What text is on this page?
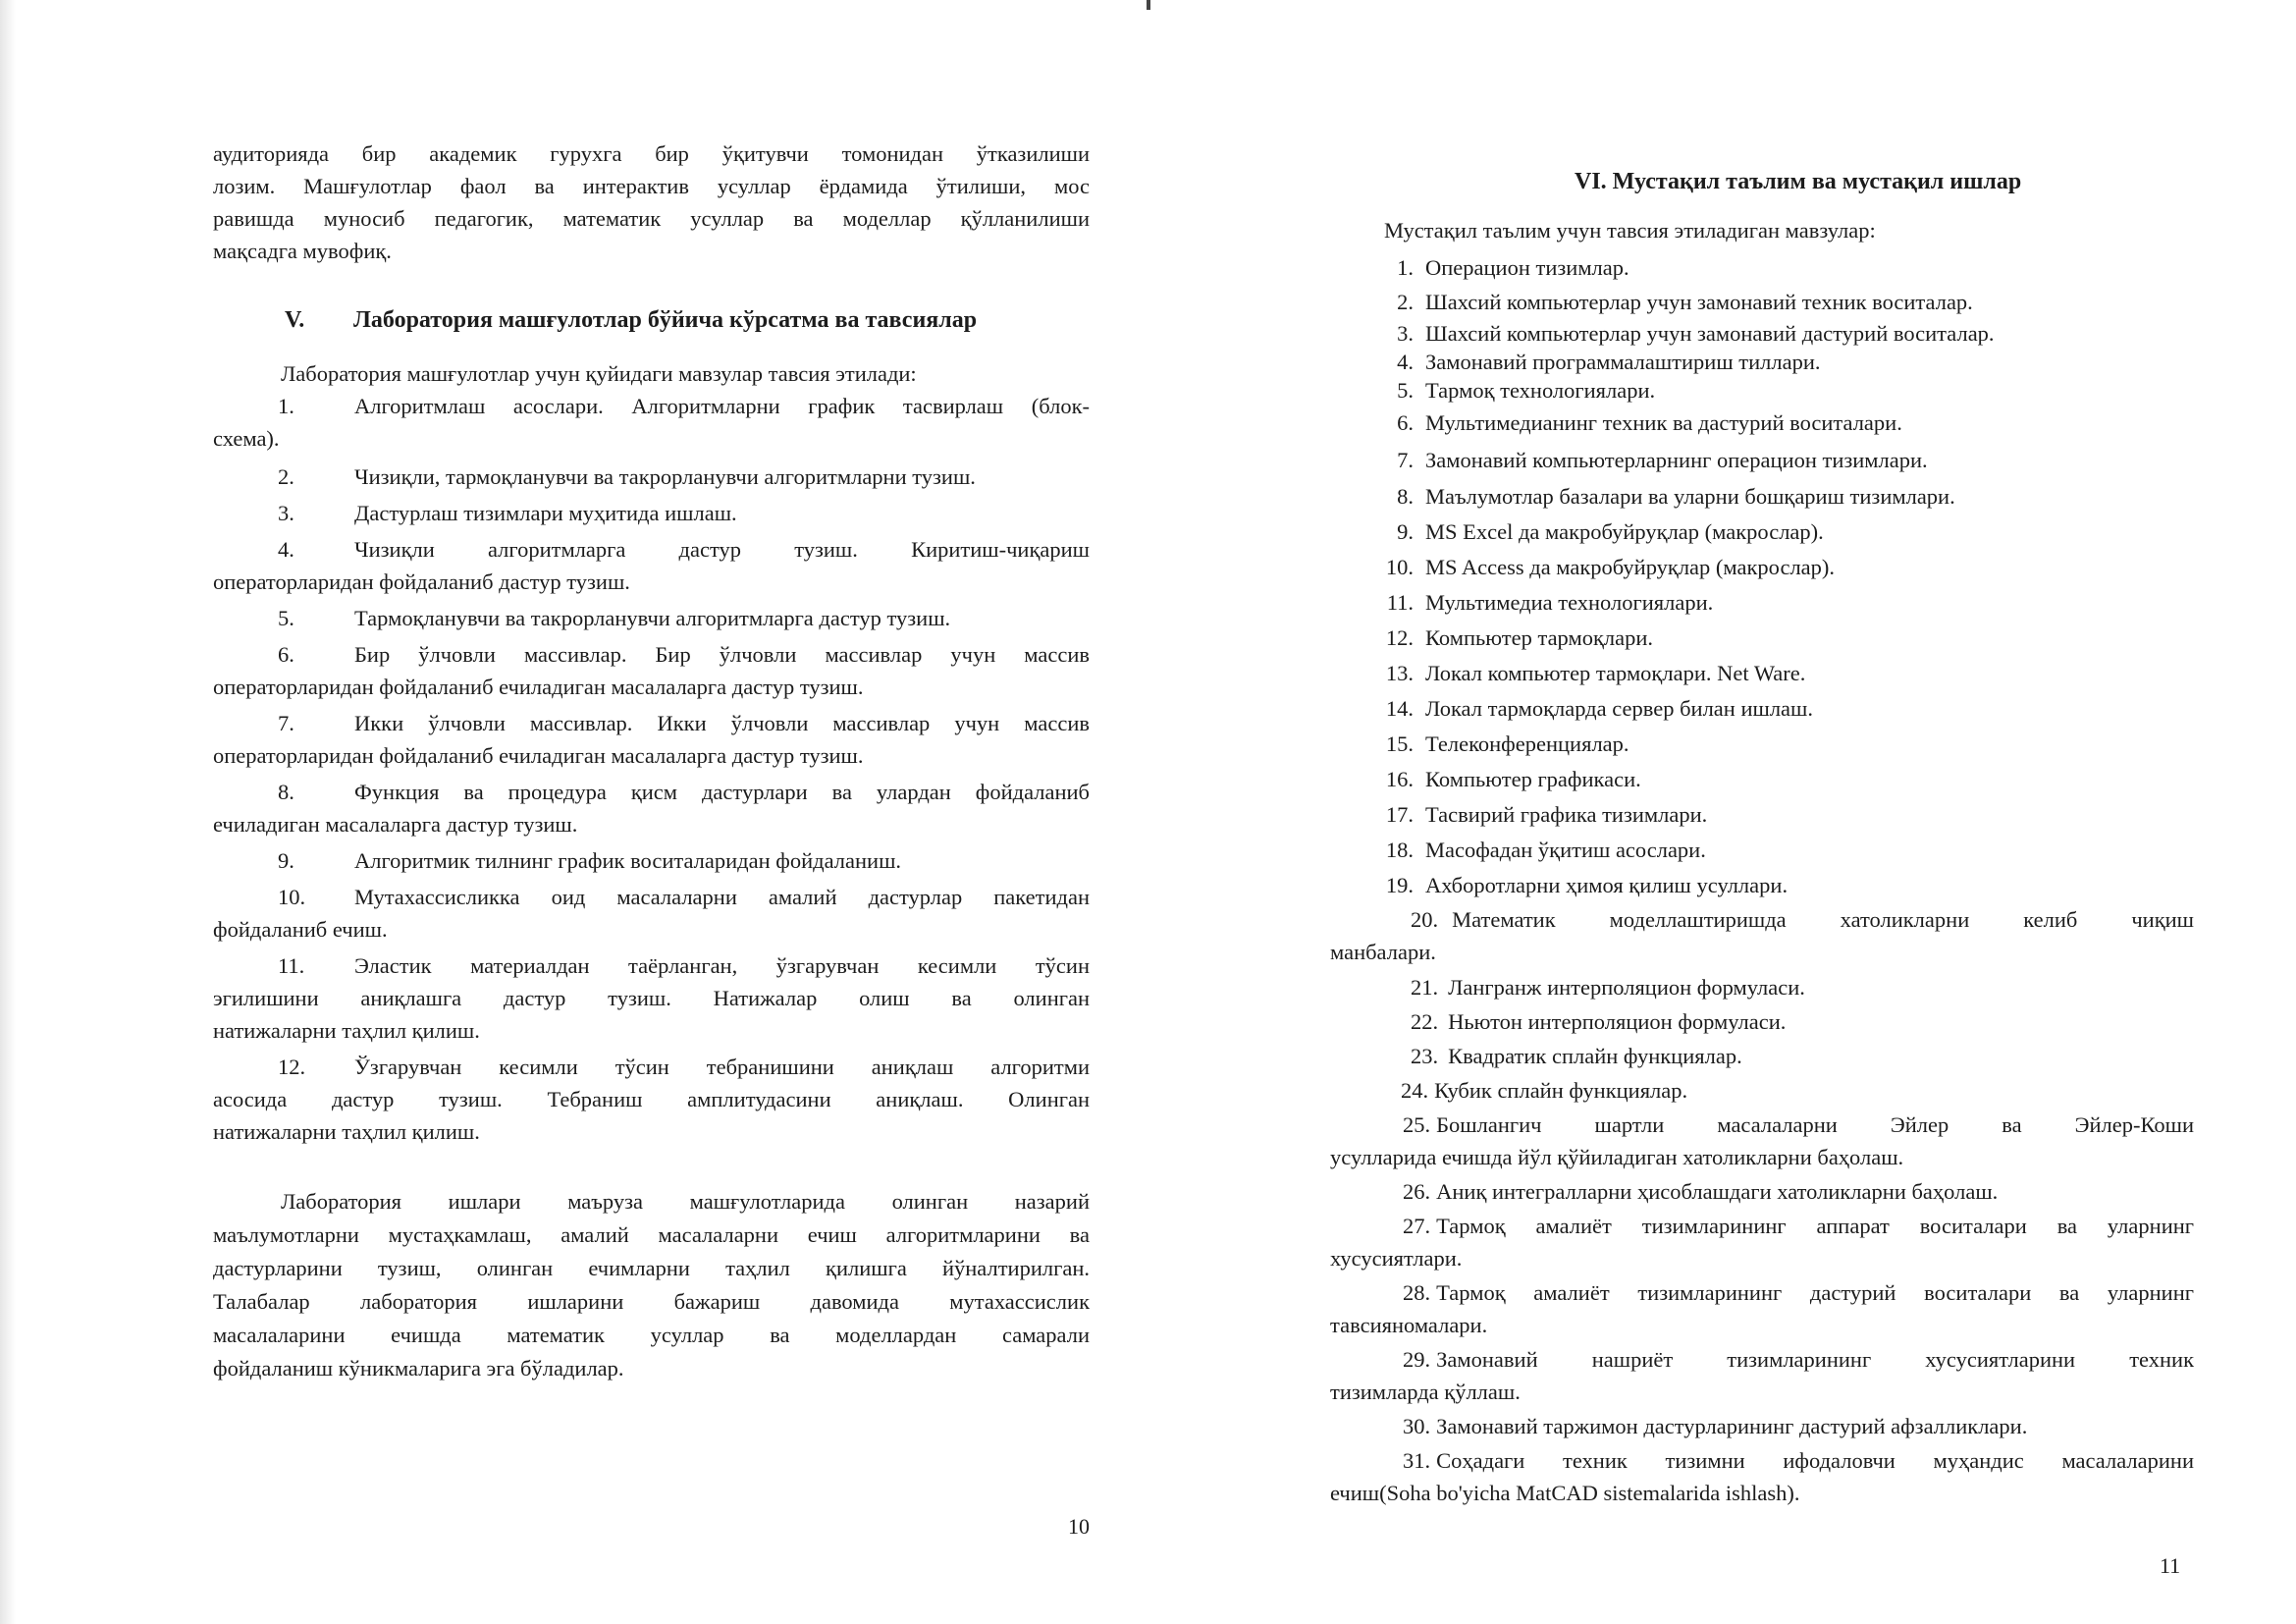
аудиторияда бир академик гурухга бир ўқитувчи томонидан ўтказилиши
лозим. Машғулотлар фаол ва интерактив усуллар ёрдамида ўтилиши, мос
равишда муносиб педагогик, математик усуллар ва моделлар қўлланилиши
мақсадга мувофиқ.
V. Лаборатория машғулотлар бўйича кўрсатма ва тавсиялар
Лаборатория машғулотлар учун қуйидаги мавзулар тавсия этилади:
1.	Алгоритмлаш асослари. Алгоритмларни график тасвирлаш (блок-
схема).
2.	Чизиқли, тармоқланувчи ва такрорланувчи алгоритмларни тузиш.
3.	Дастурлаш тизимлари муҳитида ишлаш.
4.	Чизиқли алгоритмларга дастур тузиш. Киритиш-чиқариш
операторларидан фойдаланиб дастур тузиш.
5.	Тармоқланувчи ва такрорланувчи алгоритмларга дастур тузиш.
6.	Бир ўлчовли массивлар. Бир ўлчовли массивлар учун массив
операторларидан фойдаланиб ечиладиган масалаларга дастур тузиш.
7.	Икки ўлчовли массивлар. Икки ўлчовли массивлар учун массив
операторларидан фойдаланиб ечиладиган масалаларга дастур тузиш.
8.	Функция ва процедура қисм дастурлари ва улардан фойдаланиб
ечиладиган масалаларга дастур тузиш.
9.	Алгоритмик тилнинг график воситаларидан фойдаланиш.
10. Мутахассисликка оид масалаларни амалий дастурлар пакетидан
фойдаланиб ечиш.
11. Эластик материалдан таёрланган, ўзгарувчан кесимли тўсин
эгилишини аниқлашга дастур тузиш. Натижалар олиш ва олинган
натижаларни таҳлил қилиш.
12. Ўзгарувчан кесимли тўсин тебранишини аниқлаш алгоритми
асосида дастур тузиш. Тебраниш амплитудасини аниқлаш. Олинган
натижаларни таҳлил қилиш.
Лаборатория ишлари маъруза машғулотларида олинган назарий
маълумотларни мустаҳкамлаш, амалий масалаларни ечиш алгоритмларини ва
дастурларини тузиш, олинган ечимларни таҳлил қилишга йўналтирилган.
Талабалар лаборатория ишларини бажариш давомида мутахассислик
масалаларини ечишда математик усуллар ва моделлардан самарали
фойдаланиш кўникмаларига эга бўладилар.
10
VI. Мустақил таълим ва мустақил ишлар
Мустақил таълим учун тавсия этиладиган мавзулар:
1. Операцион тизимлар.
2. Шахсий компьютерлар учун замонавий техник воситалар.
3. Шахсий компьютерлар учун замонавий дастурий воситалар.
4. Замонавий программалаштириш тиллари.
5. Тармоқ технологиялари.
6. Мультимедианинг техник ва дастурий воситалари.
7. Замонавий компьютерларнинг операцион тизимлари.
8. Маълумотлар базалари ва уларни бошқариш тизимлари.
9. MS Excel да макробуйруқлар (макрослар).
10. MS Access да макробуйруқлар (макрослар).
11. Мультимедиа технологиялари.
12. Компьютер тармоқлари.
13. Локал компьютер тармоқлари. Net Ware.
14. Локал тармоқларда сервер билан ишлаш.
15. Телеконференциялар.
16. Компьютер графикаси.
17. Тасвирий графика тизимлари.
18. Масофадан ўқитиш асослари.
19. Ахборотларни ҳимоя қилиш усуллари.
20. Математик моделлаштиришда хатоликларни келиб чиқиш
манбалари.
21. Лангранж интерполяцион формуласи.
22. Ньютон интерполяцион формуласи.
23. Квадратик сплайн функциялар.
24. Кубик сплайн функциялар.
25. Бошлангич шартли масалаларни Эйлер ва Эйлер-Коши
усулларида ечишда йўл қўйиладиган хатоликларни баҳолаш.
26. Аниқ интегралларни ҳисоблашдаги хатоликларни баҳолаш.
27. Тармоқ амалиёт тизимларининг аппарат воситалари ва уларнинг
хусусиятлари.
28. Тармоқ амалиёт тизимларининг дастурий воситалари ва уларнинг
тавсияномалари.
29. Замонавий нашриёт тизимларининг хусусиятларини техник
тизимларда қўллаш.
30. Замонавий таржимон дастурларининг дастурий афзалликлари.
31. Соҳадаги техник тизимни ифодаловчи муҳандис масалаларини
ечиш(Soha bo'yicha MatCAD sistemalarida ishlash).
11
